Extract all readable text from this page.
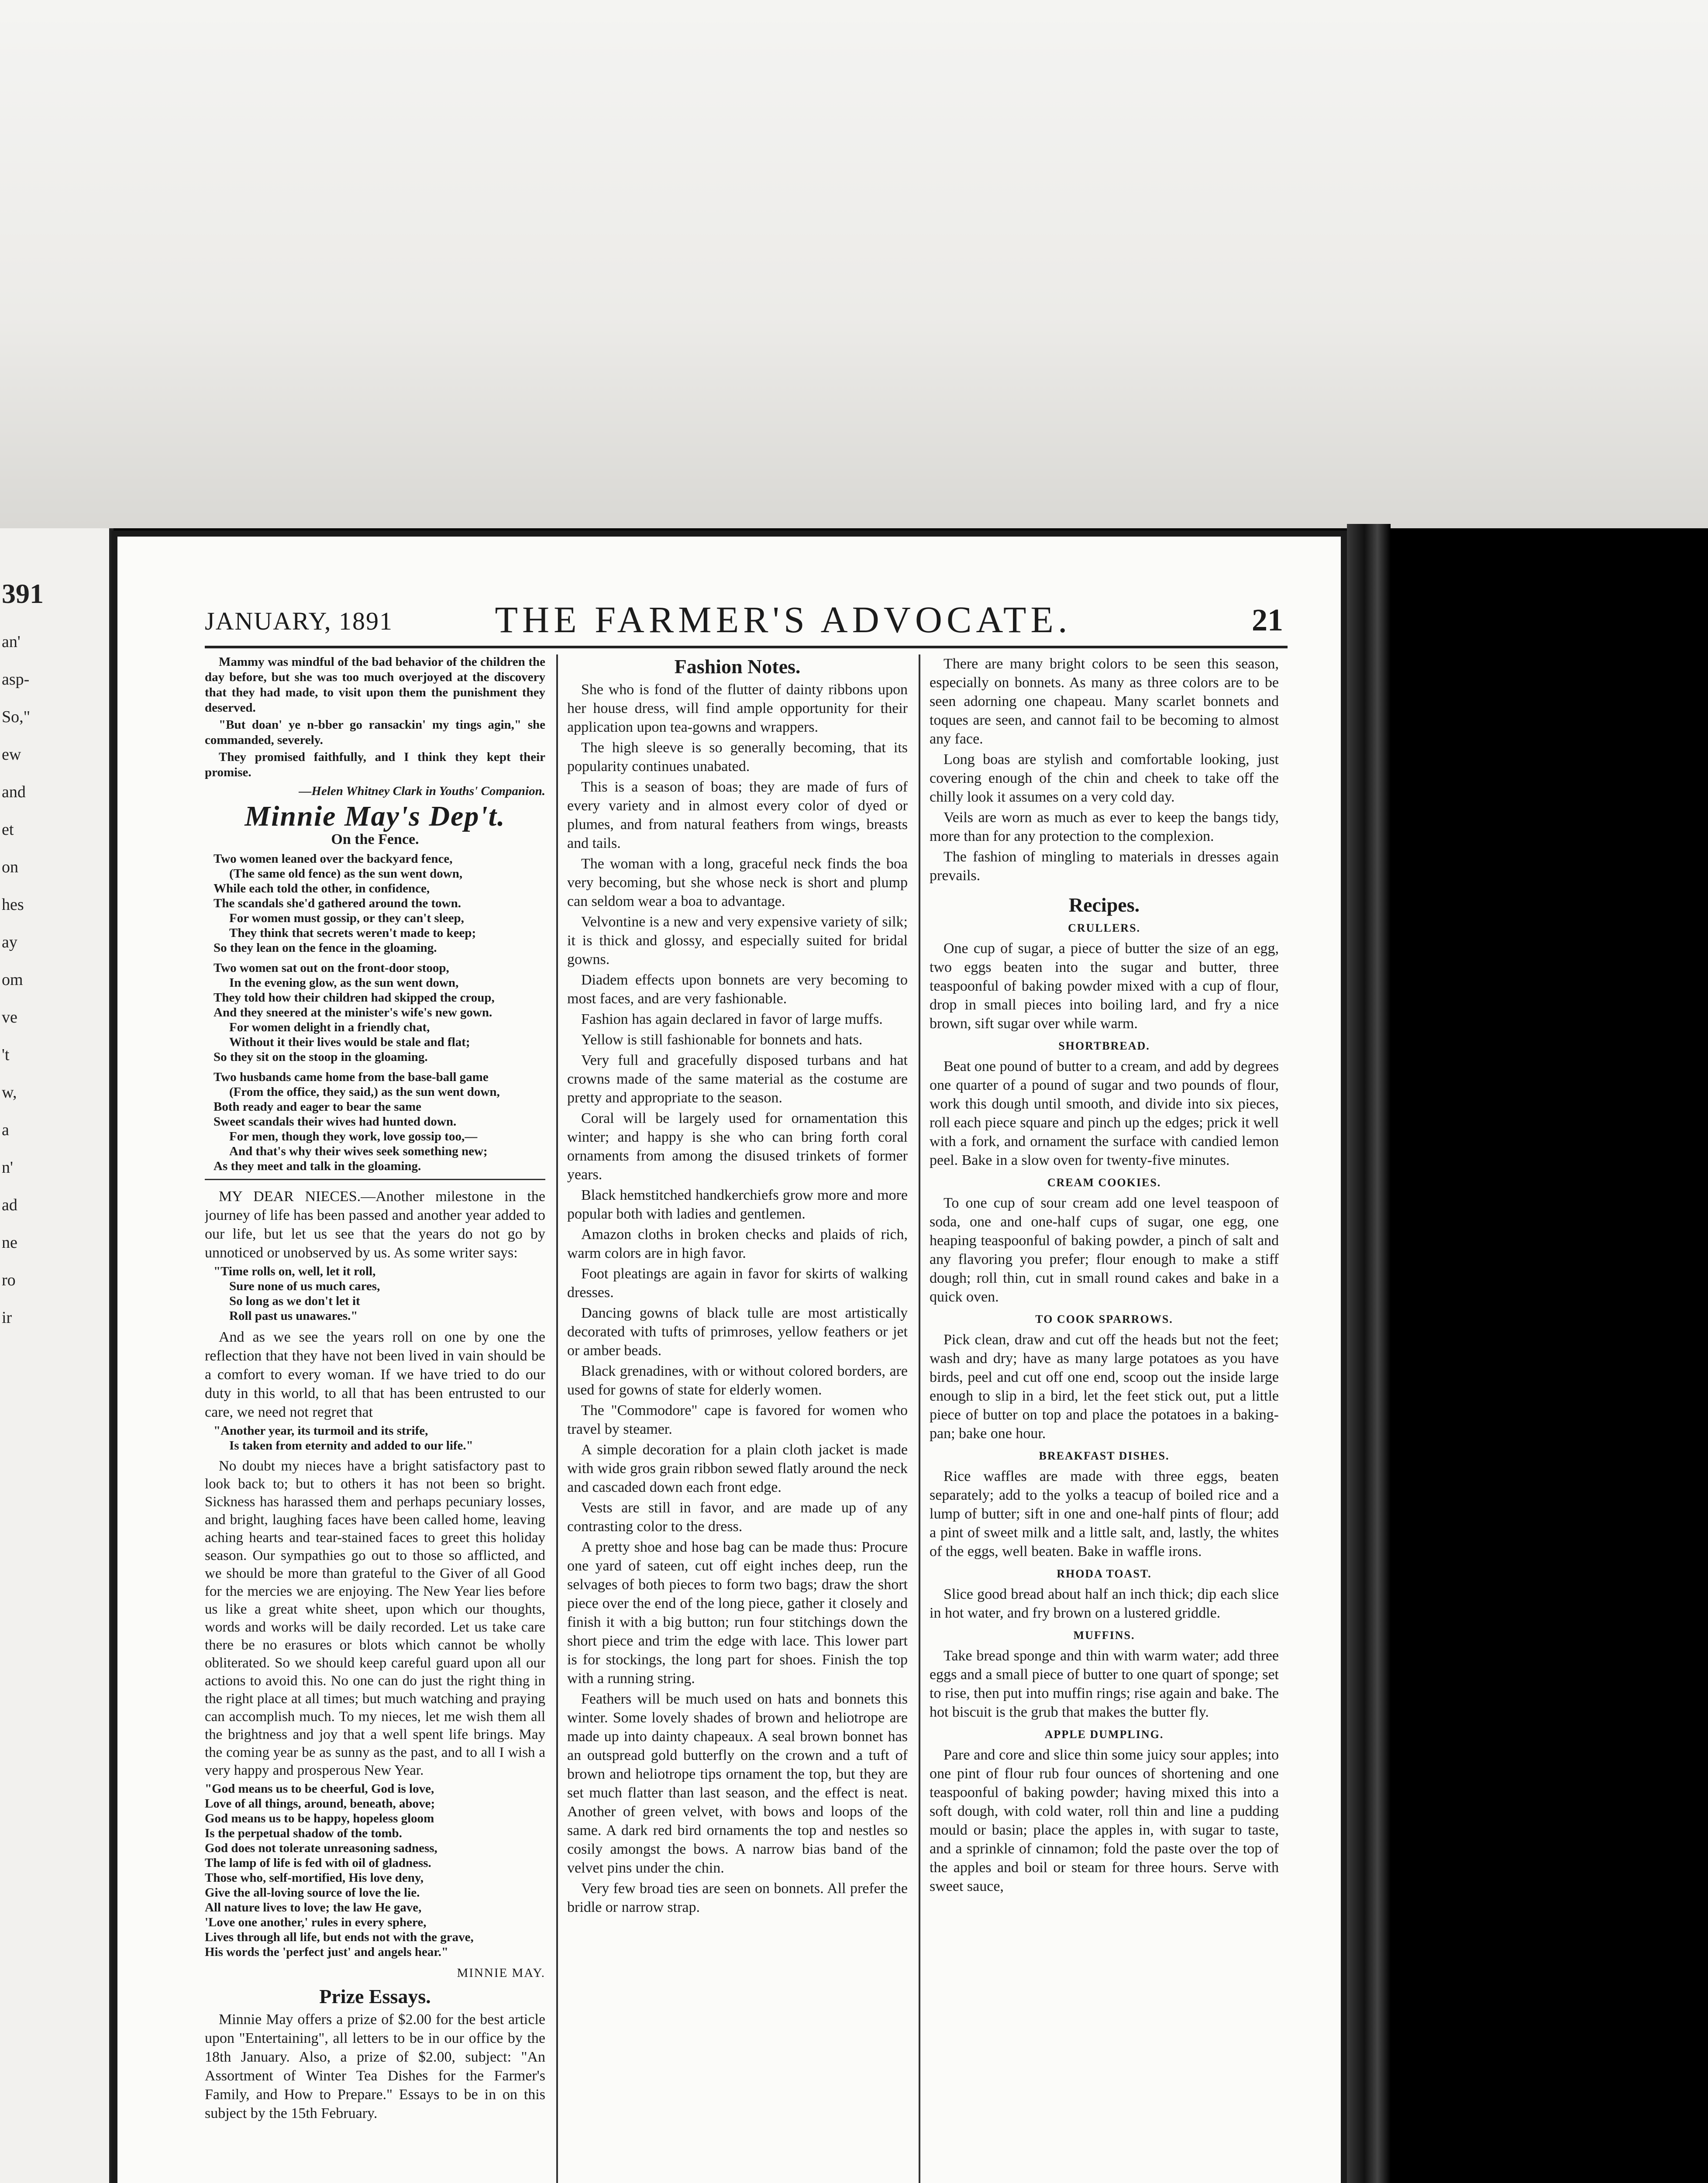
391
an'
asp-
So,"
ew
and
et
on
hes
ay
om
ve
't
w,
a
n'
ad
ne
ro
ir
JANUARY, 1891	THE FARMER'S ADVOCATE.	21

Mammy was mindful of the bad behavior of the children the day before, but she was too much overjoyed at the discovery that they had made, to visit upon them the punishment they deserved.

"But doan' ye n-bber go ransackin' my tings agin," she commanded, severely.

They promised faithfully, and I think they kept their promise.

—Helen Whitney Clark in Youths' Companion.
Minnie May's Dep't.
On the Fence.
Two women leaned over the backyard fence,
(The same old fence) as the sun went down,
While each told the other, in confidence,
The scandals she'd gathered around the town.
For women must gossip, or they can't sleep,
They think that secrets weren't made to keep;
So they lean on the fence in the gloaming.
Two women sat out on the front-door stoop,
In the evening glow, as the sun went down,
They told how their children had skipped the croup,
And they sneered at the minister's wife's new gown.
For women delight in a friendly chat,
Without it their lives would be stale and flat;
So they sit on the stoop in the gloaming.
Two husbands came home from the base-ball game
(From the office, they said,) as the sun went down,
Both ready and eager to bear the same
Sweet scandals their wives had hunted down.
For men, though they work, love gossip too,—
And that's why their wives seek something new;
As they meet and talk in the gloaming.

MY DEAR NIECES.—Another milestone in the journey of life has been passed and another year added to our life, but let us see that the years do not go by unnoticed or unobserved by us. As some writer says:

"Time rolls on, well, let it roll,
Sure none of us much cares,
So long as we don't let it
Roll past us unawares."

And as we see the years roll on one by one the reflection that they have not been lived in vain should be a comfort to every woman. If we have tried to do our duty in this world, to all that has been entrusted to our care, we need not regret that

"Another year, its turmoil and its strife,
Is taken from eternity and added to our life."

No doubt my nieces have a bright satisfactory past to look back to; but to others it has not been so bright. Sickness has harassed them and perhaps pecuniary losses, and bright, laughing faces have been called home, leaving aching hearts and tear-stained faces to greet this holiday season. Our sympathies go out to those so afflicted, and we should be more than grateful to the Giver of all Good for the mercies we are enjoying. The New Year lies before us like a great white sheet, upon which our thoughts, words and works will be daily recorded. Let us take care there be no erasures or blots which cannot be wholly obliterated. So we should keep careful guard upon all our actions to avoid this. No one can do just the right thing in the right place at all times; but much watching and praying can accomplish much. To my nieces, let me wish them all the brightness and joy that a well spent life brings. May the coming year be as sunny as the past, and to all I wish a very happy and prosperous New Year.

"God means us to be cheerful, God is love,
Love of all things, around, beneath, above;
God means us to be happy, hopeless gloom
Is the perpetual shadow of the tomb.
God does not tolerate unreasoning sadness,
The lamp of life is fed with oil of gladness.
Those who, self-mortified, His love deny,
Give the all-loving source of love the lie.
All nature lives to love; the law He gave,
'Love one another,' rules in every sphere,
Lives through all life, but ends not with the grave,
His words the 'perfect just' and angels hear."
MINNIE MAY.
Prize Essays.

Minnie May offers a prize of $2.00 for the best article upon "Entertaining", all letters to be in our office by the 18th January. Also, a prize of $2.00, subject: "An Assortment of Winter Tea Dishes for the Farmer's Family, and How to Prepare." Essays to be in on this subject by the 15th February.

Fashion Notes.

She who is fond of the flutter of dainty ribbons upon her house dress, will find ample opportunity for their application upon tea-gowns and wrappers.

The high sleeve is so generally becoming, that its popularity continues unabated.

This is a season of boas; they are made of furs of every variety and in almost every color of dyed or plumes, and from natural feathers from wings, breasts and tails.

The woman with a long, graceful neck finds the boa very becoming, but she whose neck is short and plump can seldom wear a boa to advantage.

Velvontine is a new and very expensive variety of silk; it is thick and glossy, and especially suited for bridal gowns.

Diadem effects upon bonnets are very becoming to most faces, and are very fashionable.

Fashion has again declared in favor of large muffs.

Yellow is still fashionable for bonnets and hats.

Very full and gracefully disposed turbans and hat crowns made of the same material as the costume are pretty and appropriate to the season.

Coral will be largely used for ornamentation this winter; and happy is she who can bring forth coral ornaments from among the disused trinkets of former years.

Black hemstitched handkerchiefs grow more and more popular both with ladies and gentlemen.

Amazon cloths in broken checks and plaids of rich, warm colors are in high favor.

Foot pleatings are again in favor for skirts of walking dresses.

Dancing gowns of black tulle are most artistically decorated with tufts of primroses, yellow feathers or jet or amber beads.

Black grenadines, with or without colored borders, are used for gowns of state for elderly women.

The "Commodore" cape is favored for women who travel by steamer.

A simple decoration for a plain cloth jacket is made with wide gros grain ribbon sewed flatly around the neck and cascaded down each front edge.

Vests are still in favor, and are made up of any contrasting color to the dress.

A pretty shoe and hose bag can be made thus: Procure one yard of sateen, cut off eight inches deep, run the selvages of both pieces to form two bags; draw the short piece over the end of the long piece, gather it closely and finish it with a big button; run four stitchings down the short piece and trim the edge with lace. This lower part is for stockings, the long part for shoes. Finish the top with a running string.

Feathers will be much used on hats and bonnets this winter. Some lovely shades of brown and heliotrope are made up into dainty chapeaux. A seal brown bonnet has an outspread gold butterfly on the crown and a tuft of brown and heliotrope tips ornament the top, but they are set much flatter than last season, and the effect is neat. Another of green velvet, with bows and loops of the same. A dark red bird ornaments the top and nestles so cosily amongst the bows. A narrow bias band of the velvet pins under the chin.

Very few broad ties are seen on bonnets. All prefer the bridle or narrow strap.

There are many bright colors to be seen this season, especially on bonnets. As many as three colors are to be seen adorning one chapeau. Many scarlet bonnets and toques are seen, and cannot fail to be becoming to almost any face.

Long boas are stylish and comfortable looking, just covering enough of the chin and cheek to take off the chilly look it assumes on a very cold day.

Veils are worn as much as ever to keep the bangs tidy, more than for any protection to the complexion.

The fashion of mingling to materials in dresses again prevails.

Recipes.
CRULLERS.

One cup of sugar, a piece of butter the size of an egg, two eggs beaten into the sugar and butter, three teaspoonful of baking powder mixed with a cup of flour, drop in small pieces into boiling lard, and fry a nice brown, sift sugar over while warm.

SHORTBREAD.

Beat one pound of butter to a cream, and add by degrees one quarter of a pound of sugar and two pounds of flour, work this dough until smooth, and divide into six pieces, roll each piece square and pinch up the edges; prick it well with a fork, and ornament the surface with candied lemon peel. Bake in a slow oven for twenty-five minutes.

CREAM COOKIES.

To one cup of sour cream add one level teaspoon of soda, one and one-half cups of sugar, one egg, one heaping teaspoonful of baking powder, a pinch of salt and any flavoring you prefer; flour enough to make a stiff dough; roll thin, cut in small round cakes and bake in a quick oven.

TO COOK SPARROWS.

Pick clean, draw and cut off the heads but not the feet; wash and dry; have as many large potatoes as you have birds, peel and cut off one end, scoop out the inside large enough to slip in a bird, let the feet stick out, put a little piece of butter on top and place the potatoes in a baking-pan; bake one hour.

BREAKFAST DISHES.

Rice waffles are made with three eggs, beaten separately; add to the yolks a teacup of boiled rice and a lump of butter; sift in one and one-half pints of flour; add a pint of sweet milk and a little salt, and, lastly, the whites of the eggs, well beaten. Bake in waffle irons.

RHODA TOAST.

Slice good bread about half an inch thick; dip each slice in hot water, and fry brown on a lustered griddle.

MUFFINS.

Take bread sponge and thin with warm water; add three eggs and a small piece of butter to one quart of sponge; set to rise, then put into muffin rings; rise again and bake. The hot biscuit is the grub that makes the butter fly.

APPLE DUMPLING.

Pare and core and slice thin some juicy sour apples; into one pint of flour rub four ounces of shortening and one teaspoonful of baking powder; having mixed this into a soft dough, with cold water, roll thin and line a pudding mould or basin; place the apples in, with sugar to taste, and a sprinkle of cinnamon; fold the paste over the top of the apples and boil or steam for three hours. Serve with sweet sauce,
